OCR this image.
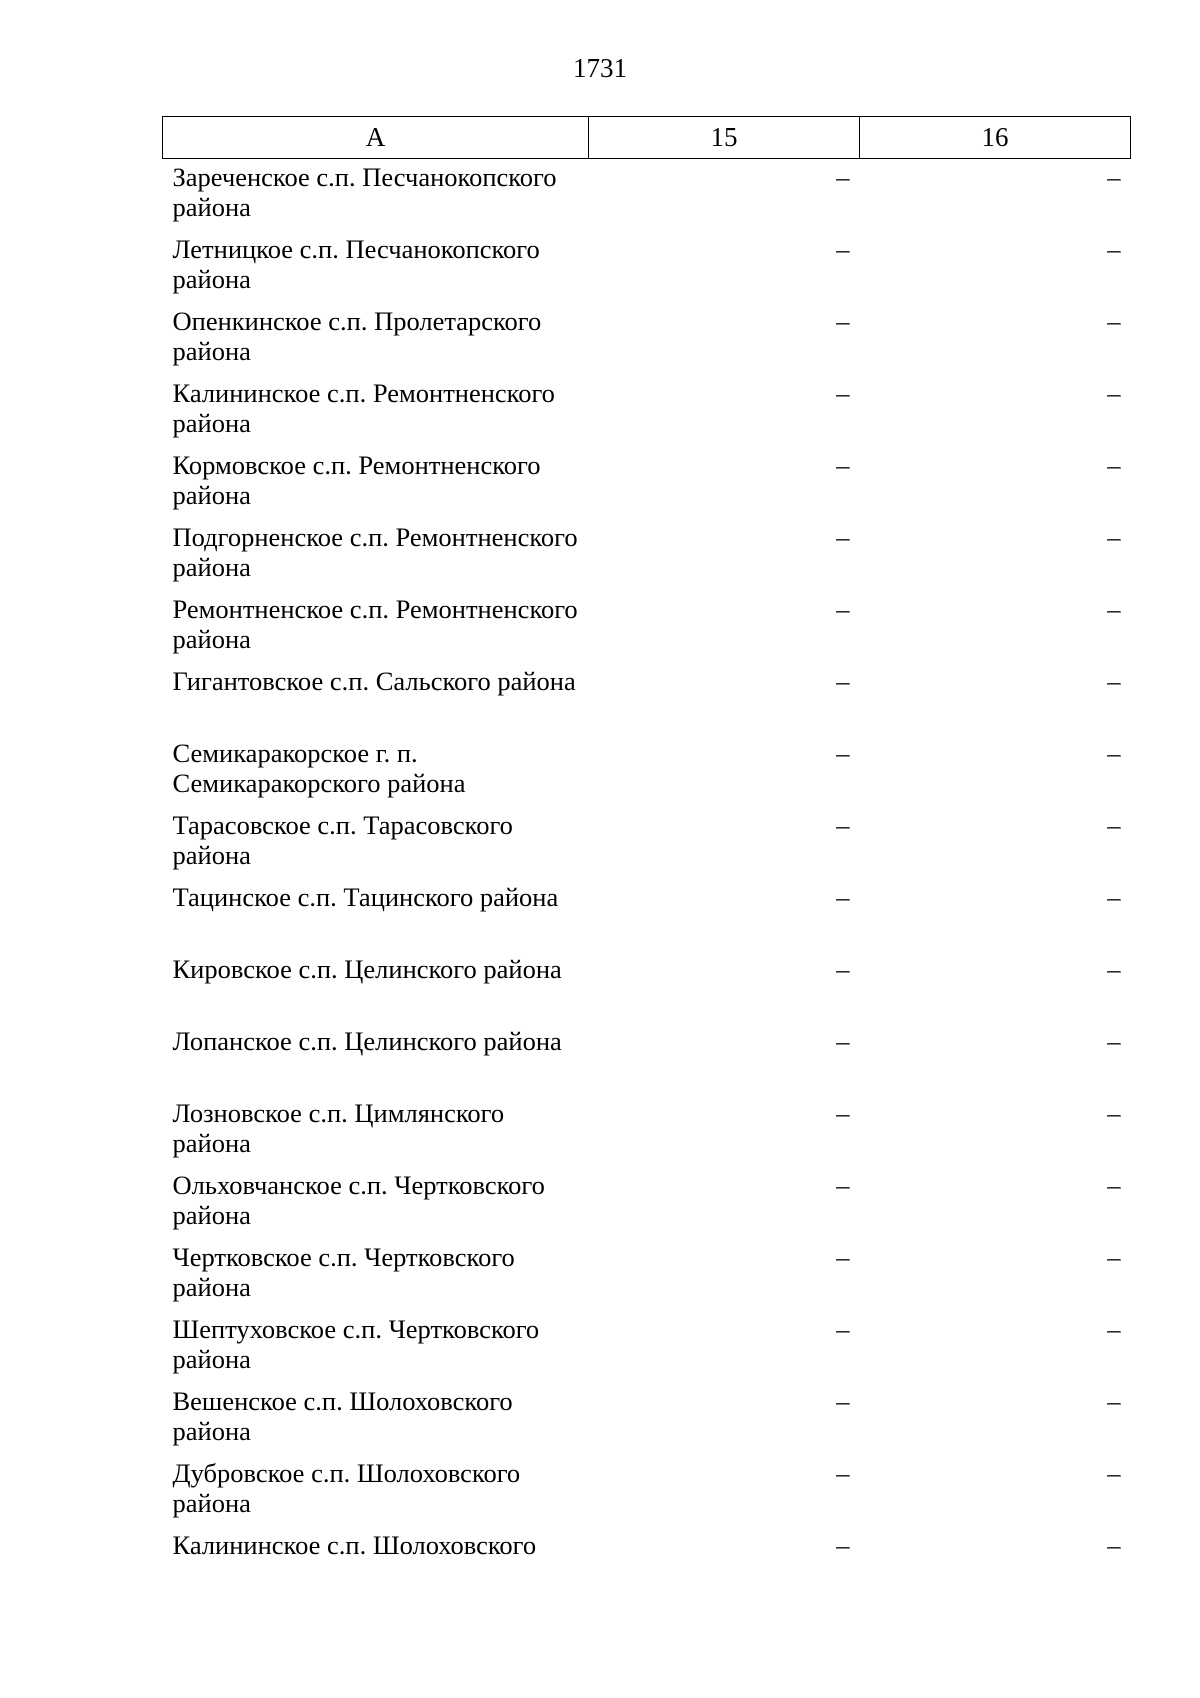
1731
А	15	16
Зареченское с.п. Песчанокопского района	–	–
Летницкое с.п. Песчанокопского района	–	–
Опенкинское с.п. Пролетарского района	–	–
Калининское с.п. Ремонтненского района	–	–
Кормовское с.п. Ремонтненского района	–	–
Подгорненское с.п. Ремонтненского района	–	–
Ремонтненское с.п. Ремонтненского района	–	–
Гигантовское с.п. Сальского района	–	–
Семикаракорское г. п. Семикаракорского района	–	–
Тарасовское с.п. Тарасовского района	–	–
Тацинское с.п. Тацинского района	–	–
Кировское с.п. Целинского района	–	–
Лопанское с.п. Целинского района	–	–
Лозновское с.п. Цимлянского района	–	–
Ольховчанское с.п. Чертковского района	–	–
Чертковское с.п. Чертковского района	–	–
Шептуховское с.п. Чертковского района	–	–
Вешенское с.п. Шолоховского района	–	–
Дубровское с.п. Шолоховского района	–	–
Калининское с.п. Шолоховского	–	–
